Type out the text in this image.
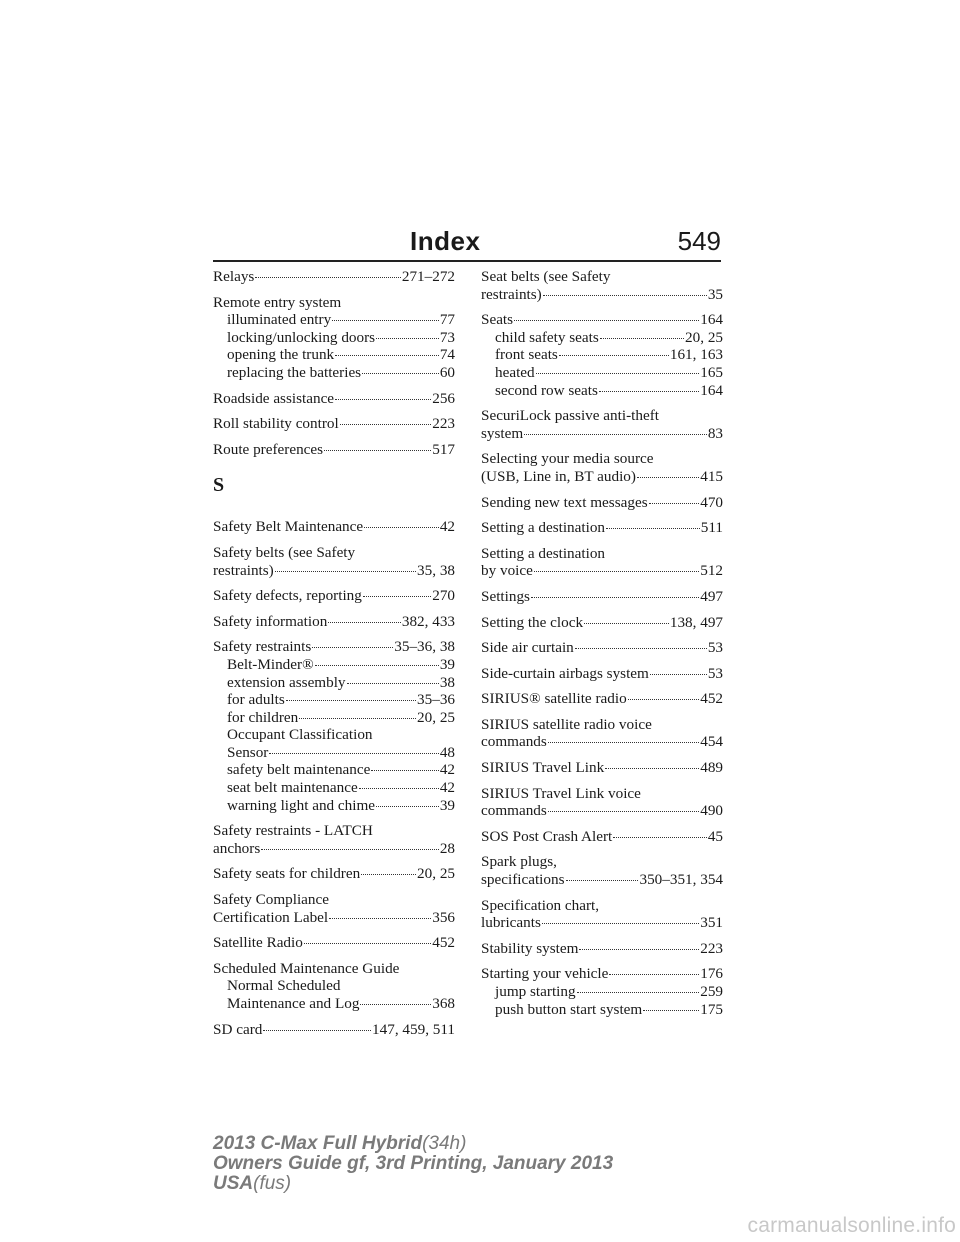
Index	549
Relays	271–272
Remote entry system
illuminated entry	77
locking/unlocking doors	73
opening the trunk	74
replacing the batteries	60
Roadside assistance	256
Roll stability control	223
Route preferences	517
S
Safety Belt Maintenance	42
Safety belts (see Safety
restraints)	35, 38
Safety defects, reporting	270
Safety information	382, 433
Safety restraints	35–36, 38
Belt-Minder®	39
extension assembly	38
for adults	35–36
for children	20, 25
Occupant Classification
Sensor	48
safety belt maintenance	42
seat belt maintenance	42
warning light and chime	39
Safety restraints - LATCH
anchors	28
Safety seats for children	20, 25
Safety Compliance
Certification Label	356
Satellite Radio	452
Scheduled Maintenance Guide
Normal Scheduled
Maintenance and Log	368
SD card	147, 459, 511
Seat belts (see Safety
restraints)	35
Seats	164
child safety seats	20, 25
front seats	161, 163
heated	165
second row seats	164
SecuriLock passive anti-theft
system	83
Selecting your media source
(USB, Line in, BT audio)	415
Sending new text messages	470
Setting a destination	511
Setting a destination
by voice	512
Settings	497
Setting the clock	138, 497
Side air curtain	53
Side-curtain airbags system	53
SIRIUS® satellite radio	452
SIRIUS satellite radio voice
commands	454
SIRIUS Travel Link	489
SIRIUS Travel Link voice
commands	490
SOS Post Crash Alert	45
Spark plugs,
specifications	350–351, 354
Specification chart,
lubricants	351
Stability system	223
Starting your vehicle	176
jump starting	259
push button start system	175
2013 C-Max Full Hybrid(34h)
Owners Guide gf, 3rd Printing, January 2013
USA(fus)
carmanualsonline.info
